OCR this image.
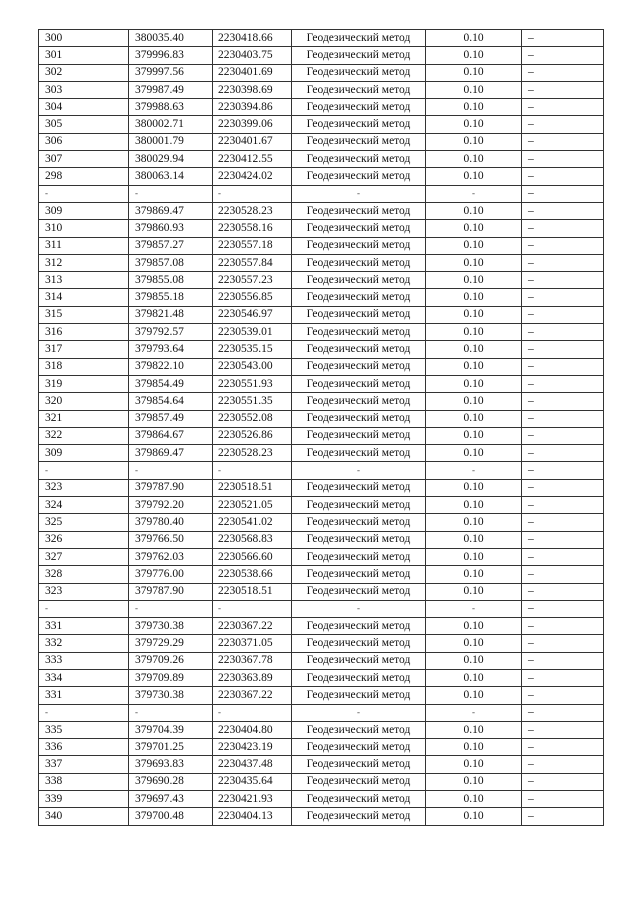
300	380035.40	2230418.66	Геодезический метод	0.10	–
301	379996.83	2230403.75	Геодезический метод	0.10	–
302	379997.56	2230401.69	Геодезический метод	0.10	–
303	379987.49	2230398.69	Геодезический метод	0.10	–
304	379988.63	2230394.86	Геодезический метод	0.10	–
305	380002.71	2230399.06	Геодезический метод	0.10	–
306	380001.79	2230401.67	Геодезический метод	0.10	–
307	380029.94	2230412.55	Геодезический метод	0.10	–
298	380063.14	2230424.02	Геодезический метод	0.10	–
-	-	-	-	-	–
309	379869.47	2230528.23	Геодезический метод	0.10	–
310	379860.93	2230558.16	Геодезический метод	0.10	–
311	379857.27	2230557.18	Геодезический метод	0.10	–
312	379857.08	2230557.84	Геодезический метод	0.10	–
313	379855.08	2230557.23	Геодезический метод	0.10	–
314	379855.18	2230556.85	Геодезический метод	0.10	–
315	379821.48	2230546.97	Геодезический метод	0.10	–
316	379792.57	2230539.01	Геодезический метод	0.10	–
317	379793.64	2230535.15	Геодезический метод	0.10	–
318	379822.10	2230543.00	Геодезический метод	0.10	–
319	379854.49	2230551.93	Геодезический метод	0.10	–
320	379854.64	2230551.35	Геодезический метод	0.10	–
321	379857.49	2230552.08	Геодезический метод	0.10	–
322	379864.67	2230526.86	Геодезический метод	0.10	–
309	379869.47	2230528.23	Геодезический метод	0.10	–
-	-	-	-	-	–
323	379787.90	2230518.51	Геодезический метод	0.10	–
324	379792.20	2230521.05	Геодезический метод	0.10	–
325	379780.40	2230541.02	Геодезический метод	0.10	–
326	379766.50	2230568.83	Геодезический метод	0.10	–
327	379762.03	2230566.60	Геодезический метод	0.10	–
328	379776.00	2230538.66	Геодезический метод	0.10	–
323	379787.90	2230518.51	Геодезический метод	0.10	–
-	-	-	-	-	–
331	379730.38	2230367.22	Геодезический метод	0.10	–
332	379729.29	2230371.05	Геодезический метод	0.10	–
333	379709.26	2230367.78	Геодезический метод	0.10	–
334	379709.89	2230363.89	Геодезический метод	0.10	–
331	379730.38	2230367.22	Геодезический метод	0.10	–
-	-	-	-	-	–
335	379704.39	2230404.80	Геодезический метод	0.10	–
336	379701.25	2230423.19	Геодезический метод	0.10	–
337	379693.83	2230437.48	Геодезический метод	0.10	–
338	379690.28	2230435.64	Геодезический метод	0.10	–
339	379697.43	2230421.93	Геодезический метод	0.10	–
340	379700.48	2230404.13	Геодезический метод	0.10	–
